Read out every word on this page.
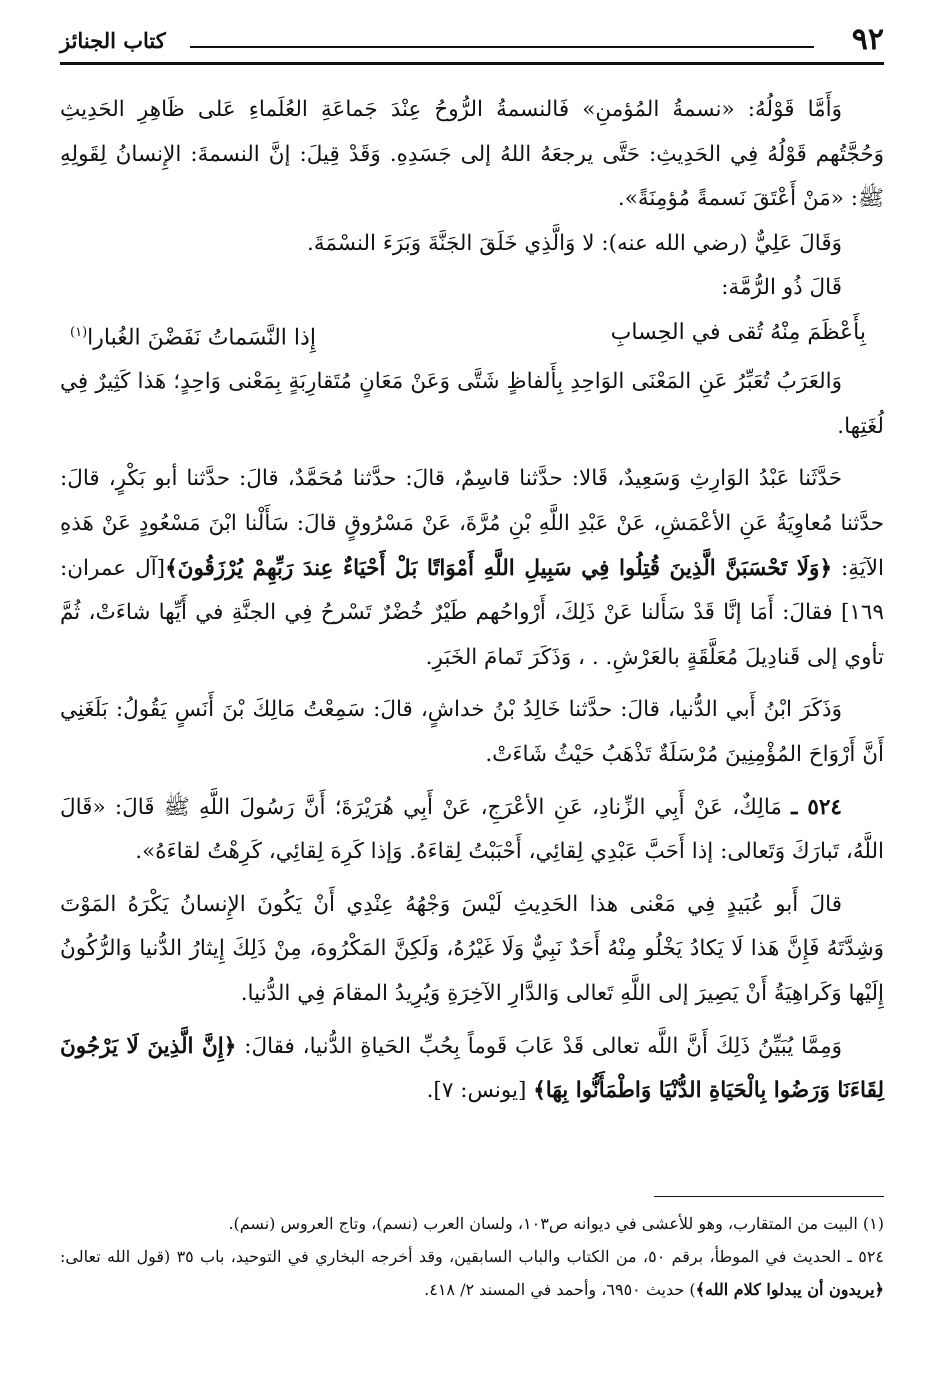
٩٢
كتاب الجنائز

وَأَمَّا قَوْلُهُ: «نسمةُ المُؤمنِ» فَالنسمةُ الرُّوحُ عِنْدَ جَماعَةِ العُلَماءِ عَلى ظَاهِرِ الحَدِيثِ وَحُجَّتُهم قَوْلُهُ فِي الحَدِيثِ: حَتَّى يرجعَهُ اللهُ إلى جَسَدِهِ. وَقَدْ قِيلَ: إنَّ النسمةَ: الإِنسانُ لِقَولِهِ ﷺ: «مَنْ أَعْتَقَ نَسمةً مُؤمِنَةً».

وَقَالَ عَلِيٌّ (رضي الله عنه): لا وَالَّذِي خَلَقَ الجَنَّةَ وَبَرَءَ النسْمَةَ.

قَالَ ذُو الرُّمَّة:

بِأَعْظَمَ مِنْهُ تُقى في الحِسابِ
إِذا النَّسَماتُ نَفَضْنَ الغُبارا$^{(١)}$

وَالعَرَبُ تُعَبِّرُ عَنِ المَعْنَى الوَاحِدِ بِأَلفاظٍ شَتَّى وَعَنْ مَعَانٍ مُتَقارِبَةٍ بِمَعْنى وَاحِدٍ؛ هَذا كَثِيرٌ فِي لُغَتِها.

حَدَّثَنا عَبْدُ الوَارِثِ وَسَعِيدٌ، قَالا: حدَّثنا قاسِمٌ، قالَ: حدَّثنا مُحَمَّدٌ، قالَ: حدَّثنا أبو بَكْرٍ، قالَ: حدَّثنا مُعاوِيَةُ عَنِ الأعْمَشِ، عَنْ عَبْدِ اللَّهِ بْنِ مُرَّةَ، عَنْ مَسْرُوقٍ قالَ: سَأَلْنا ابْنَ مَسْعُودٍ عَنْ هَذهِ الآيَةِ: ﴿وَلَا تَحْسَبَنَّ الَّذِينَ قُتِلُوا فِي سَبِيلِ اللَّهِ أَمْوَاتًا بَلْ أَحْيَاءٌ عِندَ رَبِّهِمْ يُرْزَقُونَ﴾[آل عمران: ١٦٩] فقالَ: أَمَا إنَّا قَدْ سَأَلنا عَنْ ذَلِكَ، أَرْواحُهم طَيْرٌ خُضْرٌ تَسْرحُ فِي الجنَّةِ في أَيِّها شاءَتْ، ثُمَّ تأوي إلى قَنادِيلَ مُعَلَّقَةٍ بالعَرْشِ. . ، وَذَكَرَ تَمامَ الخَبَرِ.

وَذَكَرَ ابْنُ أَبي الدُّنيا، قالَ: حدَّثنا خَالِدُ بْنُ خداشٍ، قالَ: سَمِعْتُ مَالِكَ بْنَ أَنَسٍ يَقُولُ: بَلَغَنِي أَنَّ أَرْوَاحَ المُؤْمِنِينَ مُرْسَلَةٌ تَذْهَبُ حَيْثُ شَاءَتْ.

٥٢٤ ـ مَالِكٌ، عَنْ أَبِي الزِّنادِ، عَنِ الأعْرَجِ، عَنْ أَبِي هُرَيْرَةَ؛ أَنَّ رَسُولَ اللَّهِ ﷺ قَالَ: «قَالَ اللَّهُ، تَبارَكَ وَتَعالى: إذا أَحَبَّ عَبْدِي لِقائِي، أَحْبَبْتُ لِقاءَهُ. وَإذا كَرِهَ لِقائِي، كَرِهْتُ لقاءَهُ».

قالَ أَبو عُبَيدٍ فِي مَعْنى هذا الحَدِيثِ لَيْسَ وَجْهُهُ عِنْدِي أَنْ يَكُونَ الإِنسانُ يَكْرَهُ المَوْتَ وَشِدَّتَهُ فَإِنَّ هَذا لَا يَكادُ يَخْلُو مِنْهُ أَحَدٌ نَبِيٌّ وَلَا غَيْرُهُ، وَلَكِنَّ المَكْرُوهَ، مِنْ ذَلِكَ إِيثارُ الدُّنيا وَالرُّكُونُ إِلَيْها وَكَراهِيَةُ أَنْ يَصِيرَ إلى اللَّهِ تَعالى وَالدَّارِ الآخِرَةِ وَيُرِيدُ المقامَ فِي الدُّنيا.

وَمِمَّا يُبَيِّنُ ذَلِكَ أَنَّ اللَّه تعالى قَدْ عَابَ قَوماً بِحُبِّ الحَياةِ الدُّنيا، فقالَ: ﴿إِنَّ الَّذِينَ لَا يَرْجُونَ لِقَاءَنَا وَرَضُوا بِالْحَيَاةِ الدُّنْيَا وَاطْمَأَنُّوا بِهَا﴾ [يونس: ٧].

(١) البيت من المتقارب، وهو للأعشى في ديوانه ص١٠٣، ولسان العرب (نسم)، وتاج العروس (نسم).

٥٢٤ ـ الحديث في الموطأ، برقم ٥٠، من الكتاب والباب السابقين، وقد أخرجه البخاري في التوحيد، باب ٣٥ (قول الله تعالى: ﴿يريدون أن يبدلوا كلام الله﴾) حديث ٦٩٥٠، وأحمد في المسند ٢/ ٤١٨.
